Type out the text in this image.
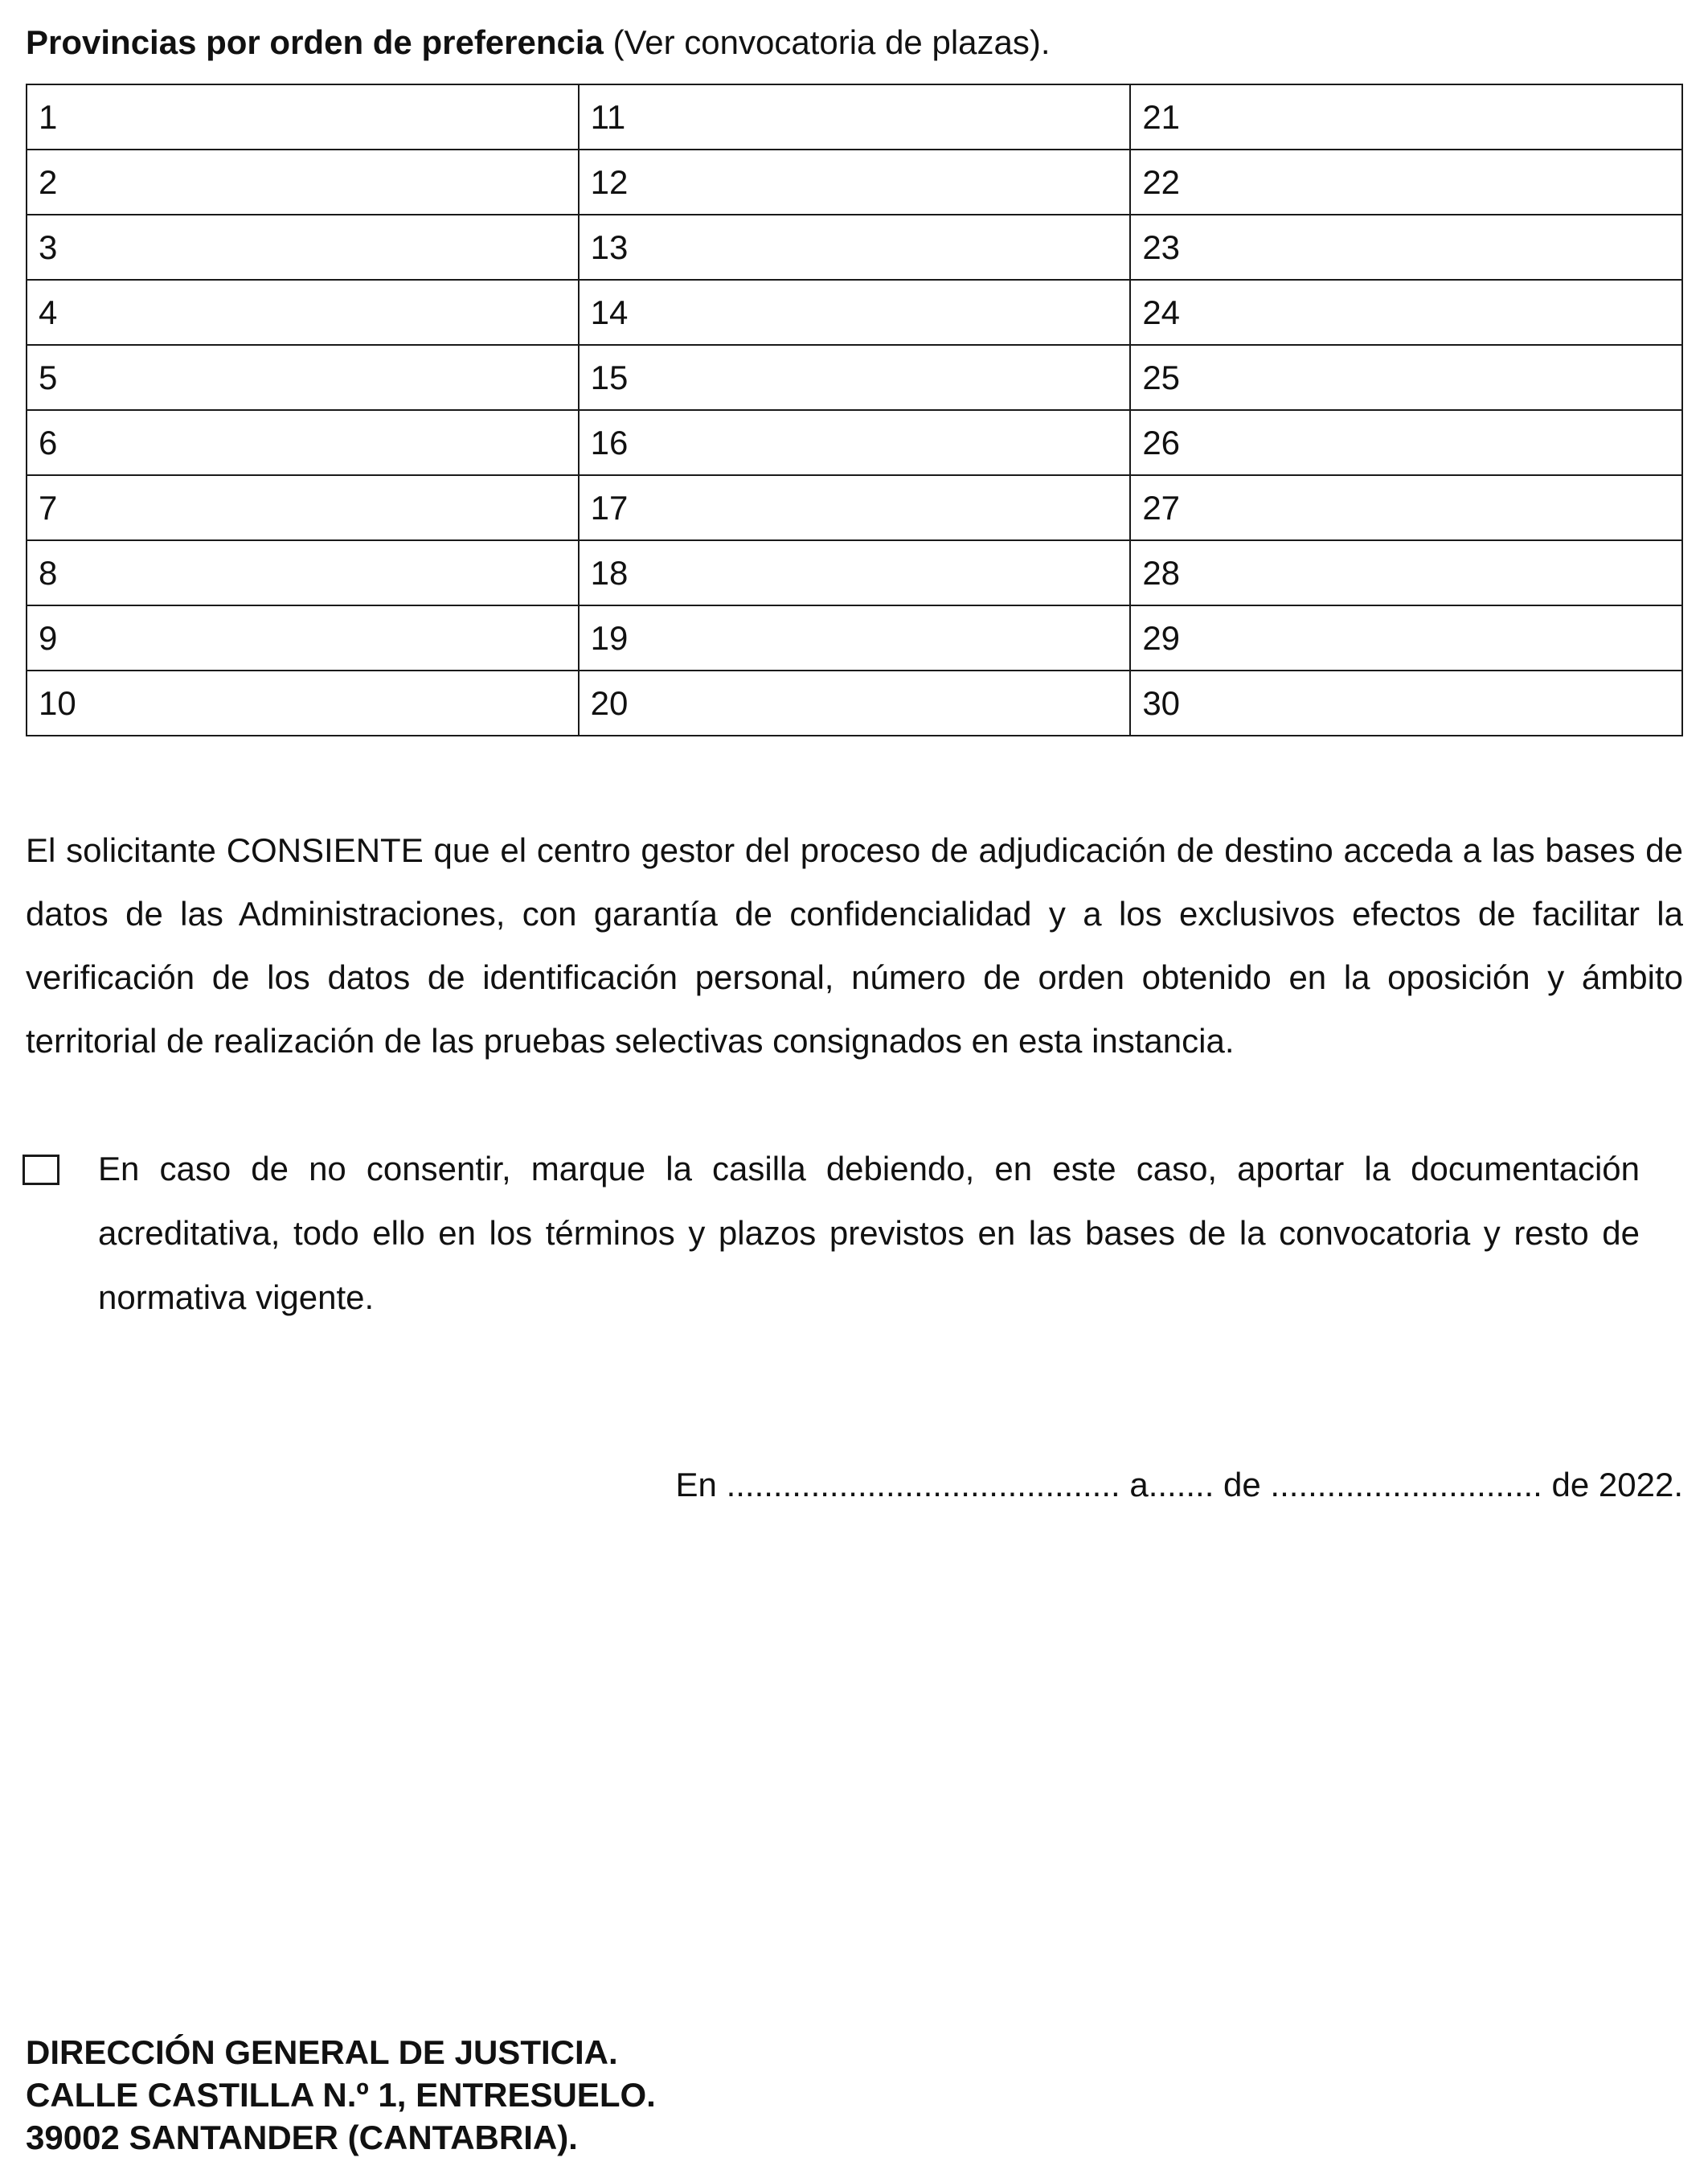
Provincias por orden de preferencia (Ver convocatoria de plazas).
1	11	21
2	12	22
3	13	23
4	14	24
5	15	25
6	16	26
7	17	27
8	18	28
9	19	29
10	20	30

El solicitante CONSIENTE que el centro gestor del proceso de adjudicación de destino acceda a las bases de datos de las Administraciones, con garantía de confidencialidad y a los exclusivos efectos de facilitar la verificación de los datos de identificación personal, número de orden obtenido en la oposición y ámbito territorial de realización de las pruebas selectivas consignados en esta instancia.

En caso de no consentir, marque la casilla debiendo, en este caso, aportar la documentación acreditativa, todo ello en los términos y plazos previstos en las bases de la convocatoria y resto de normativa vigente.

En .......................................... a....... de ............................. de 2022.
DIRECCIÓN GENERAL DE JUSTICIA.
CALLE CASTILLA N.º 1, ENTRESUELO.
39002 SANTANDER (CANTABRIA).
